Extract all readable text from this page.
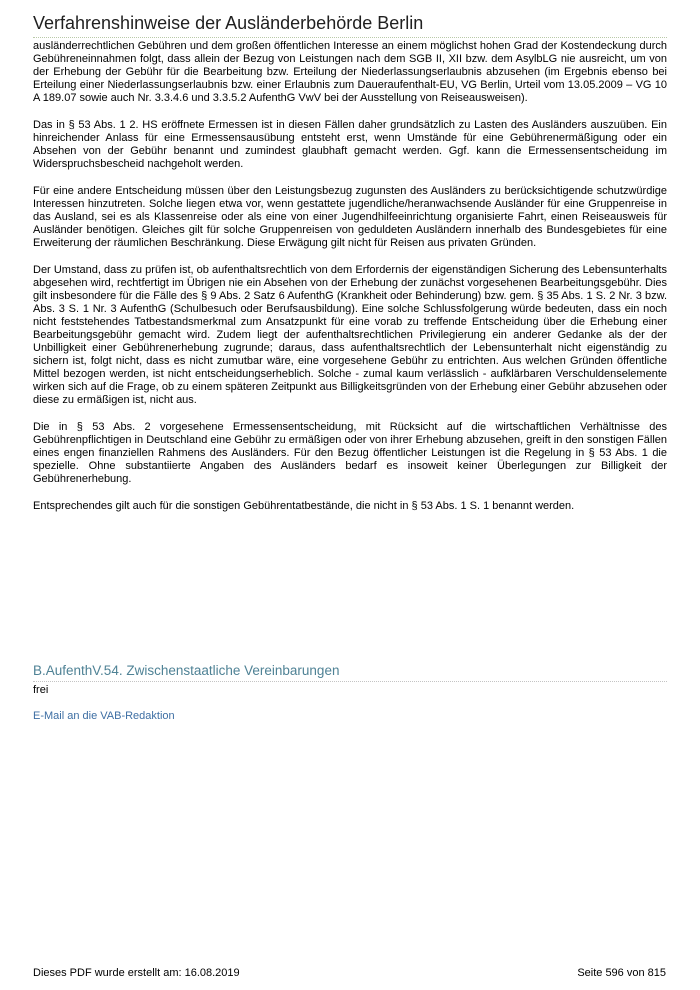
Verfahrenshinweise der Ausländerbehörde Berlin

ausländerrechtlichen Gebühren und dem großen öffentlichen Interesse an einem möglichst hohen Grad der Kostendeckung durch Gebühreneinnahmen folgt, dass allein der Bezug von Leistungen nach dem SGB II, XII bzw. dem AsylbLG nie ausreicht, um von der Erhebung der Gebühr für die Bearbeitung bzw. Erteilung der Niederlassungserlaubnis abzusehen (im Ergebnis ebenso bei Erteilung einer Niederlassungserlaubnis bzw. einer Erlaubnis zum Daueraufenthalt-EU, VG Berlin, Urteil vom 13.05.2009 – VG 10 A 189.07 sowie auch Nr. 3.3.4.6 und 3.3.5.2 AufenthG VwV bei der Ausstellung von Reiseausweisen).

Das in § 53 Abs. 1 2. HS eröffnete Ermessen ist in diesen Fällen daher grundsätzlich zu Lasten des Ausländers auszuüben. Ein hinreichender Anlass für eine Ermessensausübung entsteht erst, wenn Umstände für eine Gebührenermäßigung oder ein Absehen von der Gebühr benannt und zumindest glaubhaft gemacht werden. Ggf. kann die Ermessensentscheidung im Widerspruchsbescheid nachgeholt werden.

Für eine andere Entscheidung müssen über den Leistungsbezug zugunsten des Ausländers zu berücksichtigende schutzwürdige Interessen hinzutreten. Solche liegen etwa vor, wenn gestattete jugendliche/heranwachsende Ausländer für eine Gruppenreise in das Ausland, sei es als Klassenreise oder als eine von einer Jugendhilfeeinrichtung organisierte Fahrt, einen Reiseausweis für Ausländer benötigen. Gleiches gilt für solche Gruppenreisen von geduldeten Ausländern innerhalb des Bundesgebietes für eine Erweiterung der räumlichen Beschränkung. Diese Erwägung gilt nicht für Reisen aus privaten Gründen.

Der Umstand, dass zu prüfen ist, ob aufenthaltsrechtlich von dem Erfordernis der eigenständigen Sicherung des Lebensunterhalts abgesehen wird, rechtfertigt im Übrigen nie ein Absehen von der Erhebung der zunächst vorgesehenen Bearbeitungsgebühr. Dies gilt insbesondere für die Fälle des § 9 Abs. 2 Satz 6 AufenthG (Krankheit oder Behinderung) bzw. gem. § 35 Abs. 1 S. 2 Nr. 3 bzw. Abs. 3 S. 1 Nr. 3 AufenthG (Schulbesuch oder Berufsausbildung). Eine solche Schlussfolgerung würde bedeuten, dass ein noch nicht feststehendes Tatbestandsmerkmal zum Ansatzpunkt für eine vorab zu treffende Entscheidung über die Erhebung einer Bearbeitungsgebühr gemacht wird. Zudem liegt der aufenthaltsrechtlichen Privilegierung ein anderer Gedanke als der der Unbilligkeit einer Gebührenerhebung zugrunde; daraus, dass aufenthaltsrechtlich der Lebensunterhalt nicht eigenständig zu sichern ist, folgt nicht, dass es nicht zumutbar wäre, eine vorgesehene Gebühr zu entrichten. Aus welchen Gründen öffentliche Mittel bezogen werden, ist nicht entscheidungserheblich. Solche - zumal kaum verlässlich - aufklärbaren Verschuldenselemente wirken sich auf die Frage, ob zu einem späteren Zeitpunkt aus Billigkeitsgründen von der Erhebung einer Gebühr abzusehen oder diese zu ermäßigen ist, nicht aus.

Die in § 53 Abs. 2 vorgesehene Ermessensentscheidung, mit Rücksicht auf die wirtschaftlichen Verhältnisse des Gebührenpflichtigen in Deutschland eine Gebühr zu ermäßigen oder von ihrer Erhebung abzusehen, greift in den sonstigen Fällen eines engen finanziellen Rahmens des Ausländers. Für den Bezug öffentlicher Leistungen ist die Regelung in § 53 Abs. 1 die speziellе. Ohne substantiierte Angaben des Ausländers bedarf es insoweit keiner Überlegungen zur Billigkeit der Gebührenerhebung.

Entsprechendes gilt auch für die sonstigen Gebührentatbestände, die nicht in § 53 Abs. 1 S. 1 benannt werden.

B.AufenthV.54. Zwischenstaatliche Vereinbarungen

frei

E-Mail an die VAB-Redaktion
Dieses PDF wurde erstellt am: 16.08.2019	Seite 596 von 815
